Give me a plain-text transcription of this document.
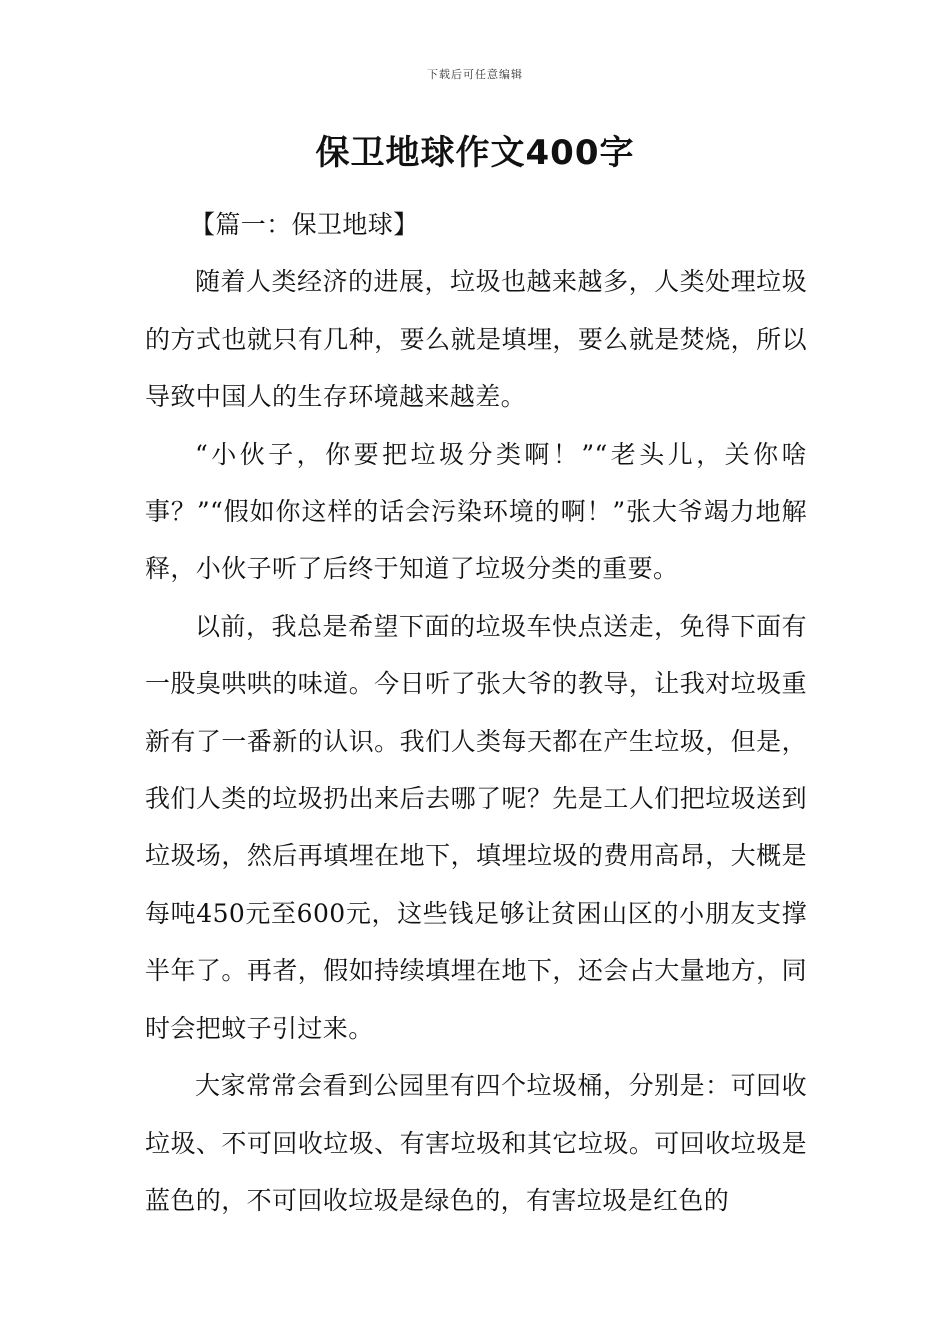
下载后可任意编辑
保卫地球作文400字

【篇一：保卫地球】

随着人类经济的进展，垃圾也越来越多，人类处理垃圾的方式也就只有几种，要么就是填埋，要么就是焚烧，所以导致中国人的生存环境越来越差。

“小伙子，你要把垃圾分类啊！”“老头儿，关你啥事？”“假如你这样的话会污染环境的啊！”张大爷竭力地解释，小伙子听了后终于知道了垃圾分类的重要。

以前，我总是希望下面的垃圾车快点送走，免得下面有一股臭哄哄的味道。今日听了张大爷的教导，让我对垃圾重新有了一番新的认识。我们人类每天都在产生垃圾，但是，我们人类的垃圾扔出来后去哪了呢？先是工人们把垃圾送到垃圾场，然后再填埋在地下，填埋垃圾的费用高昂，大概是每吨450元至600元，这些钱足够让贫困山区的小朋友支撑半年了。再者，假如持续填埋在地下，还会占大量地方，同时会把蚊子引过来。

大家常常会看到公园里有四个垃圾桶，分别是：可回收垃圾、不可回收垃圾、有害垃圾和其它垃圾。可回收垃圾是蓝色的，不可回收垃圾是绿色的，有害垃圾是红色的
